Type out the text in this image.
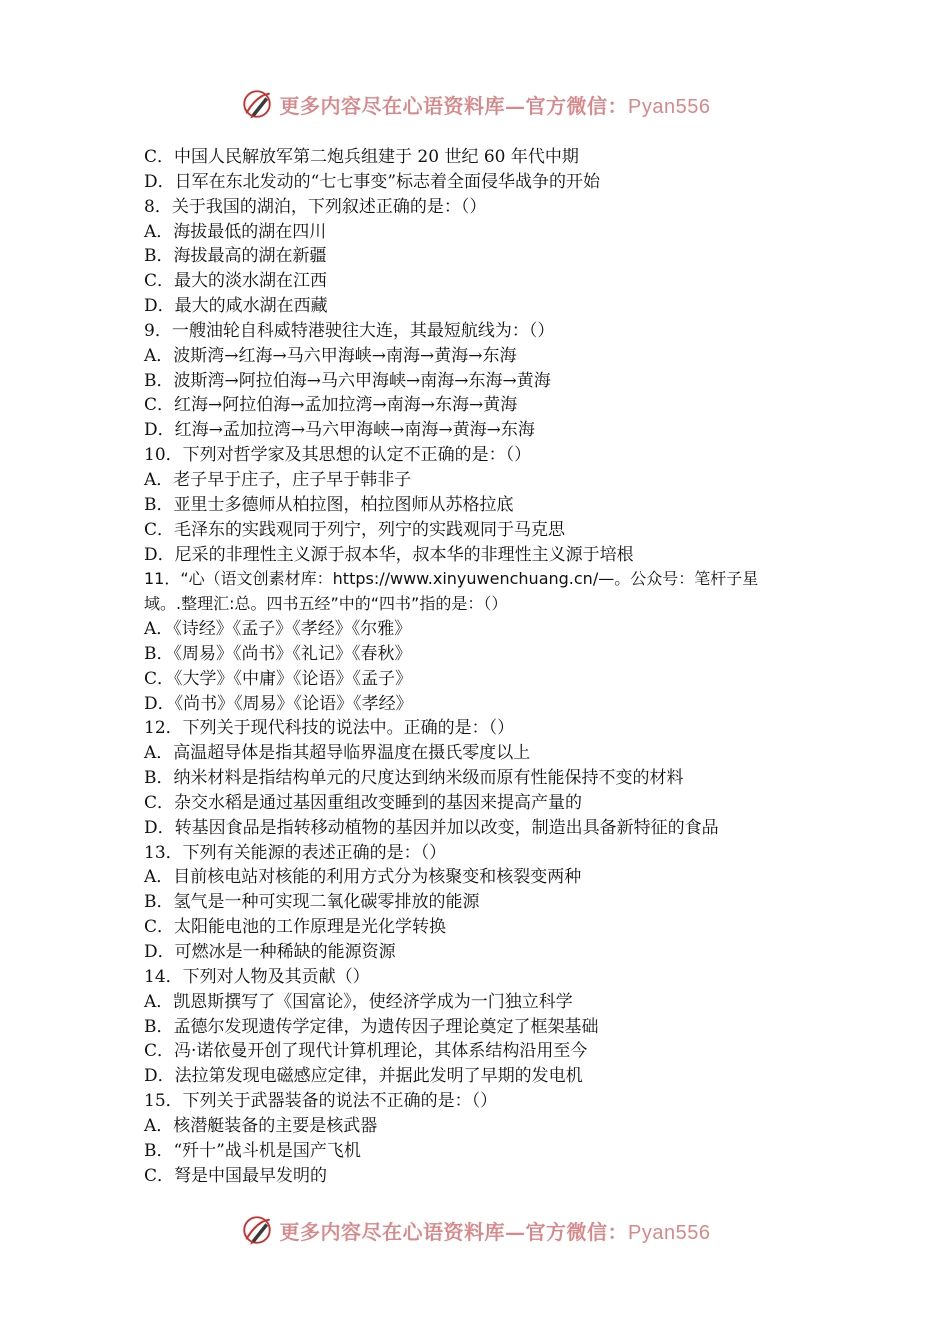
更多内容尽在心语资料库—官方微信：Pyan556
C．中国人民解放军第二炮兵组建于 20 世纪 60 年代中期
D．日军在东北发动的“七七事变”标志着全面侵华战争的开始
8．关于我国的湖泊，下列叙述正确的是：（）
A．海拔最低的湖在四川
B．海拔最高的湖在新疆
C．最大的淡水湖在江西
D．最大的咸水湖在西藏
9．一艘油轮自科威特港驶往大连，其最短航线为：（）
A．波斯湾→红海→马六甲海峡→南海→黄海→东海
B．波斯湾→阿拉伯海→马六甲海峡→南海→东海→黄海
C．红海→阿拉伯海→孟加拉湾→南海→东海→黄海
D．红海→孟加拉湾→马六甲海峡→南海→黄海→东海
10．下列对哲学家及其思想的认定不正确的是：（）
A．老子早于庄子，庄子早于韩非子
B．亚里士多德师从柏拉图，柏拉图师从苏格拉底
C．毛泽东的实践观同于列宁，列宁的实践观同于马克思
D．尼采的非理性主义源于叔本华，叔本华的非理性主义源于培根
11．“心（语文创素材库：https://www.xinyuwenchuang.cn/—。公众号：笔杆子星
域。.整理汇:总。四书五经”中的“四书”指的是：（）
A．《诗经》《孟子》《孝经》《尔雅》
B．《周易》《尚书》《礼记》《春秋》
C．《大学》《中庸》《论语》《孟子》
D．《尚书》《周易》《论语》《孝经》
12．下列关于现代科技的说法中。正确的是：（）
A．高温超导体是指其超导临界温度在摄氏零度以上
B．纳米材料是指结构单元的尺度达到纳米级而原有性能保持不变的材料
C．杂交水稻是通过基因重组改变睡到的基因来提高产量的
D．转基因食品是指转移动植物的基因并加以改变，制造出具备新特征的食品
13．下列有关能源的表述正确的是：（）
A．目前核电站对核能的利用方式分为核聚变和核裂变两种
B．氢气是一种可实现二氧化碳零排放的能源
C．太阳能电池的工作原理是光化学转换
D．可燃冰是一种稀缺的能源资源
14．下列对人物及其贡献（）
A．凯恩斯撰写了《国富论》，使经济学成为一门独立科学
B．孟德尔发现遗传学定律，为遗传因子理论奠定了框架基础
C．冯·诺依曼开创了现代计算机理论，其体系结构沿用至今
D．法拉第发现电磁感应定律，并据此发明了早期的发电机
15．下列关于武器装备的说法不正确的是：（）
A．核潜艇装备的主要是核武器
B．“歼十”战斗机是国产飞机
C．弩是中国最早发明的
更多内容尽在心语资料库—官方微信：Pyan556
